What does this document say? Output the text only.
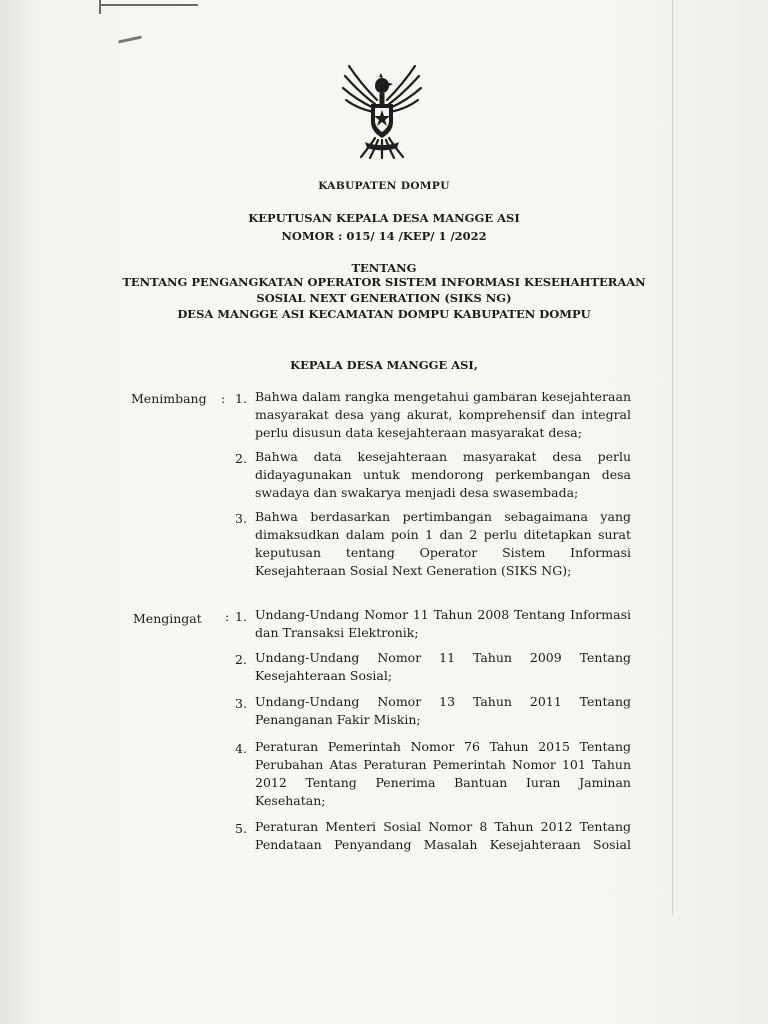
KABUPATEN DOMPU
KEPUTUSAN KEPALA DESA MANGGE ASI
NOMOR : 015/ 14 /KEP/ 1 /2022
TENTANG
TENTANG PENGANGKATAN OPERATOR SISTEM INFORMASI KESEHAHTERAAN
SOSIAL NEXT GENERATION (SIKS NG)
DESA MANGGE ASI KECAMATAN DOMPU KABUPATEN DOMPU
KEPALA DESA MANGGE ASI,
Menimbang : 1. Bahwa dalam rangka mengetahui gambaran kesejahteraan
masyarakat desa yang akurat, komprehensif dan integral
perlu disusun data kesejahteraan masyarakat desa;
2. Bahwa data kesejahteraan masyarakat desa perlu
didayagunakan untuk mendorong perkembangan desa
swadaya dan swakarya menjadi desa swasembada;
3. Bahwa berdasarkan pertimbangan sebagaimana yang
dimaksudkan dalam poin 1 dan 2 perlu ditetapkan surat
keputusan tentang Operator Sistem Informasi
Kesejahteraan Sosial Next Generation (SIKS NG);
Mengingat : 1. Undang-Undang Nomor 11 Tahun 2008 Tentang Informasi
dan Transaksi Elektronik;
2. Undang-Undang Nomor 11 Tahun 2009 Tentang
Kesejahteraan Sosial;
3. Undang-Undang Nomor 13 Tahun 2011 Tentang
Penanganan Fakir Miskin;
4. Peraturan Pemerintah Nomor 76 Tahun 2015 Tentang
Perubahan Atas Peraturan Pemerintah Nomor 101 Tahun
2012 Tentang Penerima Bantuan Iuran Jaminan
Kesehatan;
5. Peraturan Menteri Sosial Nomor 8 Tahun 2012 Tentang
Pendataan Penyandang Masalah Kesejahteraan Sosial
